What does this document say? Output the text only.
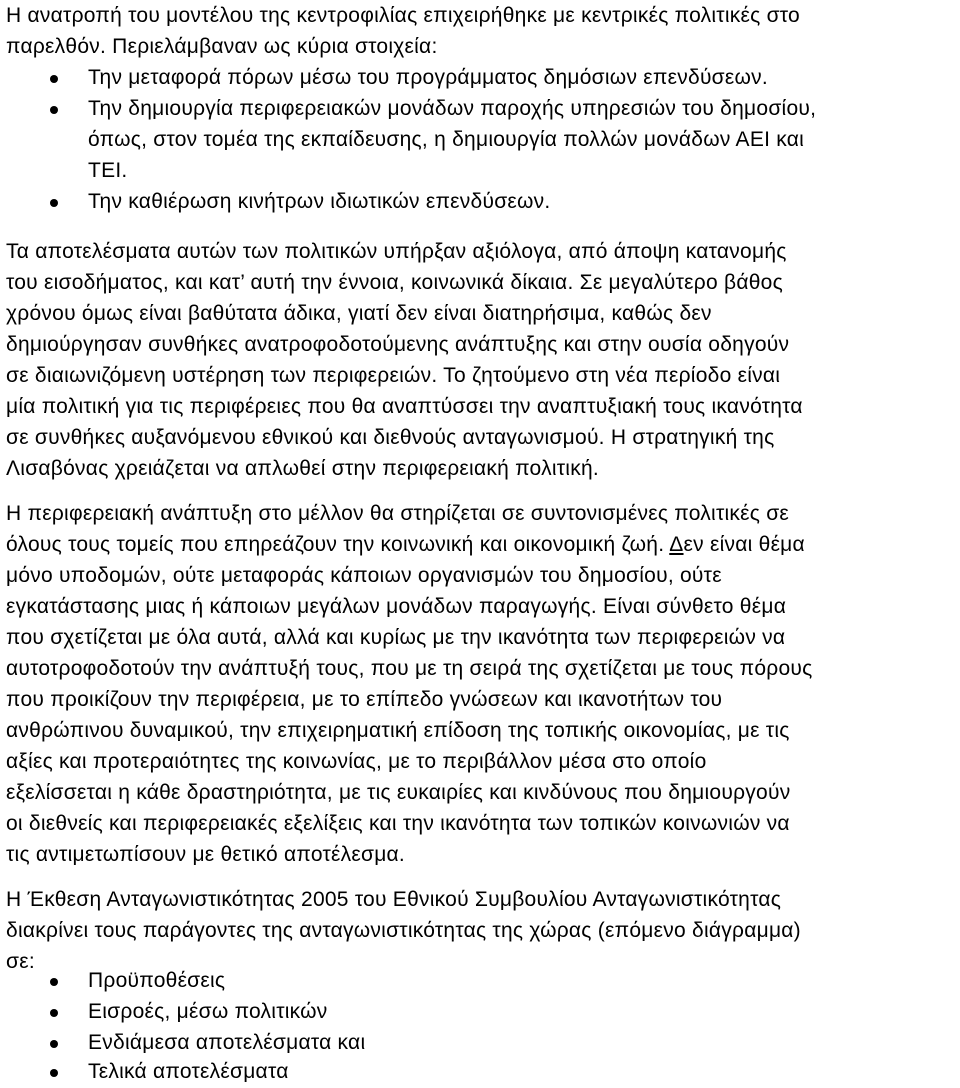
Η ανατροπή του μοντέλου της κεντροφιλίας επιχειρήθηκε με κεντρικές πολιτικές στο
παρελθόν. Περιελάμβαναν ως κύρια στοιχεία:
Την μεταφορά πόρων μέσω του προγράμματος δημόσιων επενδύσεων.
Την δημιουργία περιφερειακών μονάδων παροχής υπηρεσιών του δημοσίου,
όπως, στον τομέα της εκπαίδευσης, η δημιουργία πολλών μονάδων ΑΕΙ και
ΤΕΙ.
Την καθιέρωση κινήτρων ιδιωτικών επενδύσεων.
Τα αποτελέσματα αυτών των πολιτικών υπήρξαν αξιόλογα, από άποψη κατανομής
του εισοδήματος, και κατ’ αυτή την έννοια, κοινωνικά δίκαια. Σε μεγαλύτερο βάθος
χρόνου όμως είναι βαθύτατα άδικα, γιατί δεν είναι διατηρήσιμα, καθώς δεν
δημιούργησαν συνθήκες ανατροφοδοτούμενης ανάπτυξης και στην ουσία οδηγούν
σε διαιωνιζόμενη υστέρηση των περιφερειών. Το ζητούμενο στη νέα περίοδο είναι
μία πολιτική για τις περιφέρειες που θα αναπτύσσει την αναπτυξιακή τους ικανότητα
σε συνθήκες αυξανόμενου εθνικού και διεθνούς ανταγωνισμού. Η στρατηγική της
Λισαβόνας χρειάζεται να απλωθεί στην περιφερειακή πολιτική.
Η περιφερειακή ανάπτυξη στο μέλλον θα στηρίζεται σε συντονισμένες πολιτικές σε
όλους τους τομείς που επηρεάζουν την κοινωνική και οικονομική ζωή. Δεν είναι θέμα
μόνο υποδομών, ούτε μεταφοράς κάποιων οργανισμών του δημοσίου, ούτε
εγκατάστασης μιας ή κάποιων μεγάλων μονάδων παραγωγής. Είναι σύνθετο θέμα
που σχετίζεται με όλα αυτά, αλλά και κυρίως με την ικανότητα των περιφερειών να
αυτοτροφοδοτούν την ανάπτυξή τους, που με τη σειρά της σχετίζεται με τους πόρους
που προικίζουν την περιφέρεια, με το επίπεδο γνώσεων και ικανοτήτων του
ανθρώπινου δυναμικού, την επιχειρηματική επίδοση της τοπικής οικονομίας, με τις
αξίες και προτεραιότητες της κοινωνίας, με το περιβάλλον μέσα στο οποίο
εξελίσσεται η κάθε δραστηριότητα, με τις ευκαιρίες και κινδύνους που δημιουργούν
οι διεθνείς και περιφερειακές εξελίξεις και την ικανότητα των τοπικών κοινωνιών να
τις αντιμετωπίσουν με θετικό αποτέλεσμα.
Η Έκθεση Ανταγωνιστικότητας 2005 του Εθνικού Συμβουλίου Ανταγωνιστικότητας
διακρίνει τους παράγοντες της ανταγωνιστικότητας της χώρας (επόμενο διάγραμμα)
σε:
Προϋποθέσεις
Εισροές, μέσω πολιτικών
Ενδιάμεσα αποτελέσματα και
Τελικά αποτελέσματα
